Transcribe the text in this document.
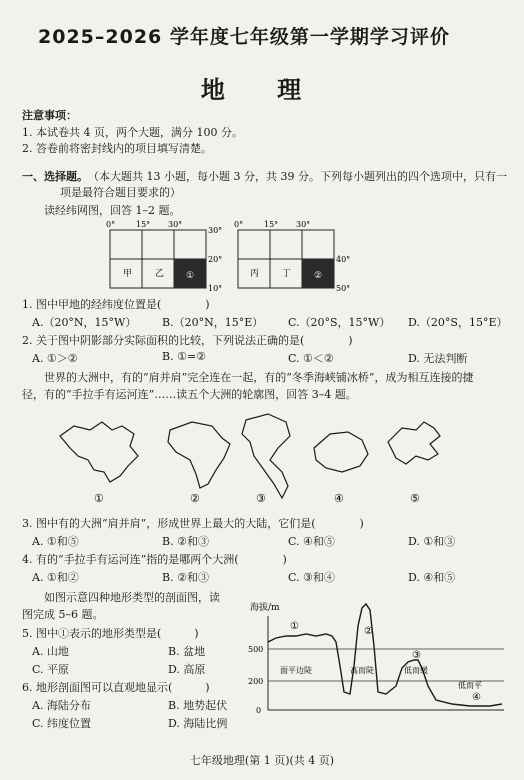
2025–2026 学年度七年级第一学期学习评价
地 理
注意事项：
1. 本试卷共 4 页，两个大题，满分 100 分。
2. 答卷前将密封线内的项目填写清楚。
一、选择题。 （本大题共 13 小题，每小题 3 分，共 39 分。下列每小题列出的四个选项中，只有一
项是最符合题目要求的）
读经纬网图，回答 1–2 题。
0°	15° 30°
30°
20°
10°
甲	乙 ①
0°	15° 30°
40°
50°
丙	丁	②
1. 图中甲地的经纬度位置是(　　　　)
A.（20°N，15°W） B.（20°N，15°E） C.（20°S，15°W） D.（20°S，15°E）
2. 关于图中阴影部分实际面积的比较，下列说法正确的是(　　　　)
A. ①＞②	B. ①=②	C. ①＜②	D. 无法判断
世界的大洲中，有的“肩并肩”完全连在一起，有的“冬季海峡铺冰桥”，成为相互连接的捷
径，有的“手拉手有运河连”……读五个大洲的轮廓图，回答 3–4 题。
①	②	③	④	⑤
3. 图中有的大洲“肩并肩”，形成世界上最大的大陆，它们是(　　　　)
A. ①和⑤	B. ②和③	C. ④和⑤	D. ①和③
4. 有的“手拉手有运河连”指的是哪两个大洲(　　　　)
A. ①和②	B. ②和③	C. ③和④	D. ④和⑤
如图示意四种地形类型的剖面图，读
图完成 5–6 题。
5. 图中①表示的地形类型是(　　　)
A. 山地	B. 盆地
C. 平原	D. 高原
6. 地形剖面图可以直观地显示(　　　)
A. 海陆分布	B. 地势起伏
C. 纬度位置	D. 海陆比例
海拔/m
500
200
0
①	②
③
④
面平边陡	高而陡	低而缓
低而平
七年级地理(第 1 页)(共 4 页)
